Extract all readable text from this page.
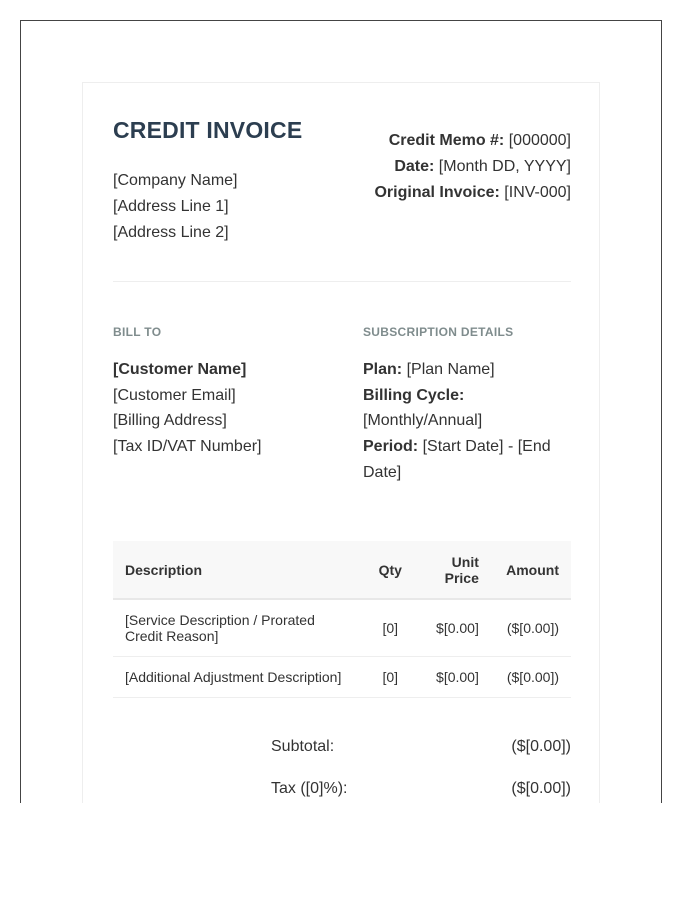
CREDIT INVOICE
[Company Name]
[Address Line 1]
[Address Line 2]
Credit Memo #: [000000]
Date: [Month DD, YYYY]
Original Invoice: [INV-000]
BILL TO
[Customer Name]
[Customer Email]
[Billing Address]
[Tax ID/VAT Number]
SUBSCRIPTION DETAILS
Plan: [Plan Name]
Billing Cycle: [Monthly/Annual]
Period: [Start Date] - [End Date]
Description	Qty	Unit Price	Amount
[Service Description / Prorated Credit Reason]	[0]	$[0.00]	($[0.00])
[Additional Adjustment Description]	[0]	$[0.00]	($[0.00])
Subtotal:	($[0.00])
Tax ([0]%):	($[0.00])
